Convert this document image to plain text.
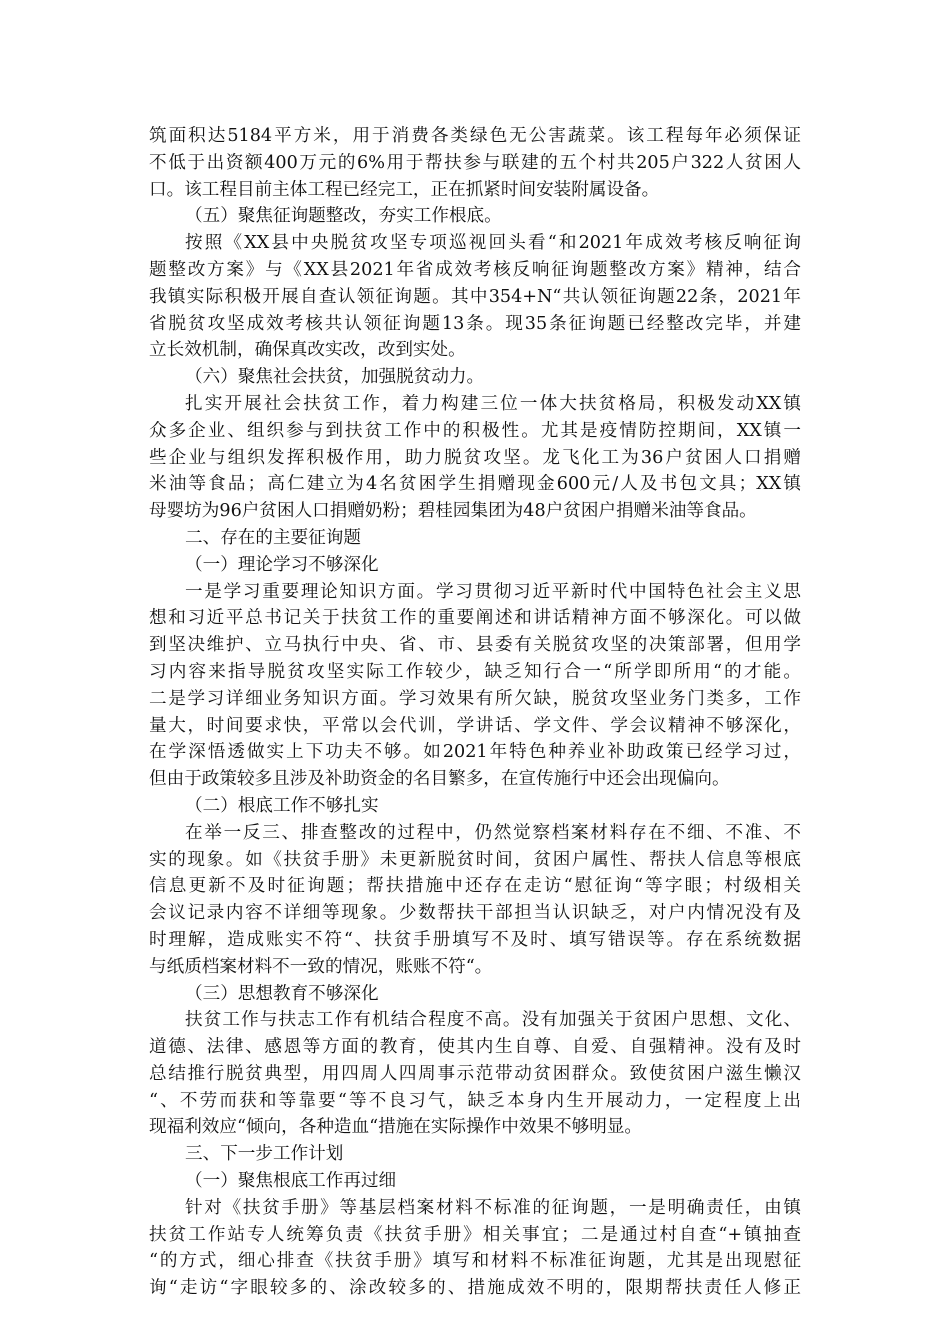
筑面积达5184平方米，用于消费各类绿色无公害蔬菜。该工程每年必须保证
不低于出资额400万元的6%用于帮扶参与联建的五个村共205户322人贫困人
口。该工程目前主体工程已经完工，正在抓紧时间安装附属设备。

（五）聚焦征询题整改，夯实工作根底。

按照《XX县中央脱贫攻坚专项巡视回头看“和2021年成效考核反响征询
题整改方案》与《XX县2021年省成效考核反响征询题整改方案》精神，结合
我镇实际积极开展自查认领征询题。其中354+N“共认领征询题22条，2021年
省脱贫攻坚成效考核共认领征询题13条。现35条征询题已经整改完毕，并建
立长效机制，确保真改实改，改到实处。

（六）聚焦社会扶贫，加强脱贫动力。

扎实开展社会扶贫工作，着力构建三位一体大扶贫格局，积极发动XX镇
众多企业、组织参与到扶贫工作中的积极性。尤其是疫情防控期间，XX镇一
些企业与组织发挥积极作用，助力脱贫攻坚。龙飞化工为36户贫困人口捐赠
米油等食品；高仁建立为4名贫困学生捐赠现金600元/人及书包文具；XX镇
母婴坊为96户贫困人口捐赠奶粉；碧桂园集团为48户贫困户捐赠米油等食品。

二、存在的主要征询题

（一）理论学习不够深化

一是学习重要理论知识方面。学习贯彻习近平新时代中国特色社会主义思
想和习近平总书记关于扶贫工作的重要阐述和讲话精神方面不够深化。可以做
到坚决维护、立马执行中央、省、市、县委有关脱贫攻坚的决策部署，但用学
习内容来指导脱贫攻坚实际工作较少，缺乏知行合一“所学即所用“的才能。
二是学习详细业务知识方面。学习效果有所欠缺，脱贫攻坚业务门类多，工作
量大，时间要求快，平常以会代训，学讲话、学文件、学会议精神不够深化，
在学深悟透做实上下功夫不够。如2021年特色种养业补助政策已经学习过，
但由于政策较多且涉及补助资金的名目繁多，在宣传施行中还会出现偏向。

（二）根底工作不够扎实

在举一反三、排查整改的过程中，仍然觉察档案材料存在不细、不准、不
实的现象。如《扶贫手册》未更新脱贫时间，贫困户属性、帮扶人信息等根底
信息更新不及时征询题；帮扶措施中还存在走访“慰征询“等字眼；村级相关
会议记录内容不详细等现象。少数帮扶干部担当认识缺乏，对户内情况没有及
时理解，造成账实不符“、扶贫手册填写不及时、填写错误等。存在系统数据
与纸质档案材料不一致的情况，账账不符“。

（三）思想教育不够深化

扶贫工作与扶志工作有机结合程度不高。没有加强关于贫困户思想、文化、
道德、法律、感恩等方面的教育，使其内生自尊、自爱、自强精神。没有及时
总结推行脱贫典型，用四周人四周事示范带动贫困群众。致使贫困户滋生懒汉
“、不劳而获和等靠要“等不良习气，缺乏本身内生开展动力，一定程度上出
现福利效应“倾向，各种造血“措施在实际操作中效果不够明显。

三、下一步工作计划

（一）聚焦根底工作再过细

针对《扶贫手册》等基层档案材料不标准的征询题，一是明确责任，由镇
扶贫工作站专人统筹负责《扶贫手册》相关事宜；二是通过村自查“+镇抽查
“的方式，细心排查《扶贫手册》填写和材料不标准征询题，尤其是出现慰征
询“走访“字眼较多的、涂改较多的、措施成效不明的，限期帮扶责任人修正
